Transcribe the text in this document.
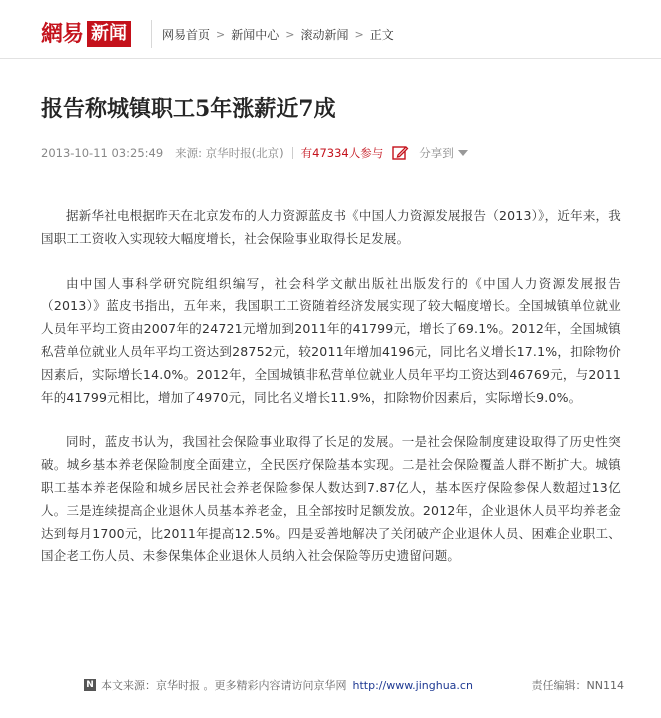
網易 新闻	网易首页 > 新闻中心 > 滚动新闻 > 正文
报告称城镇职工5年涨薪近7成
2013-10-11 03:25:49 来源: 京华时报(北京) 有47334人参与	分享到

据新华社电根据昨天在北京发布的人力资源蓝皮书《中国人力资源发展报告（2013）》，近年来，我国职工工资收入实现较大幅度增长，社会保险事业取得长足发展。

由中国人事科学研究院组织编写，社会科学文献出版社出版发行的《中国人力资源发展报告（2013）》蓝皮书指出，五年来，我国职工工资随着经济发展实现了较大幅度增长。全国城镇单位就业人员年平均工资由2007年的24721元增加到2011年的41799元，增长了69.1%。2012年，全国城镇私营单位就业人员年平均工资达到28752元，较2011年增加4196元，同比名义增长17.1%，扣除物价因素后，实际增长14.0%。2012年，全国城镇非私营单位就业人员年平均工资达到46769元，与2011年的41799元相比，增加了4970元，同比名义增长11.9%，扣除物价因素后，实际增长9.0%。

同时，蓝皮书认为，我国社会保险事业取得了长足的发展。一是社会保险制度建设取得了历史性突破。城乡基本养老保险制度全面建立，全民医疗保险基本实现。二是社会保险覆盖人群不断扩大。城镇职工基本养老保险和城乡居民社会养老保险参保人数达到7.87亿人，基本医疗保险参保人数超过13亿人。三是连续提高企业退休人员基本养老金，且全部按时足额发放。2012年，企业退休人员平均养老金达到每月1700元，比2011年提高12.5%。四是妥善地解决了关闭破产企业退休人员、困难企业职工、国企老工伤人员、未参保集体企业退休人员纳入社会保险等历史遗留问题。

N 本文来源：京华时报 。更多精彩内容请访问京华网 http://www.jinghua.cn	责任编辑：NN114
